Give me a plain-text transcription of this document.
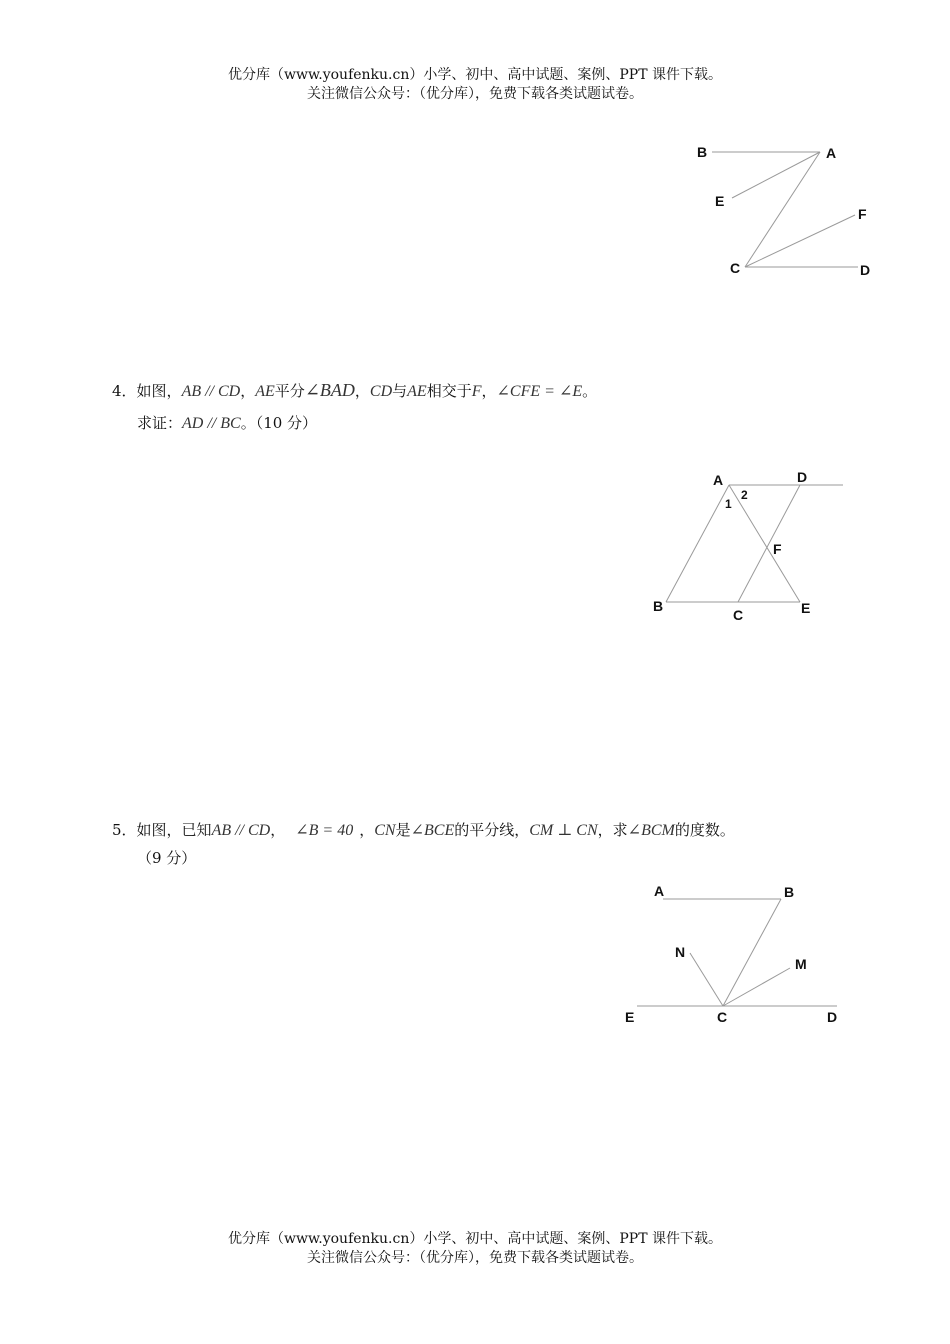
优分库（www.youfenku.cn）小学、初中、高中试题、案例、PPT 课件下载。
关注微信公众号：（优分库），免费下载各类试题试卷。
B	A
E
F
C	D
4．如图，AB // CD，AE平分∠BAD，CD与AE相交于F，∠CFE = ∠E。
求证：AD // BC。（10 分）
A	D
2
1
F
B
C	E
5．如图，已知AB // CD， ∠B = 40 ，CN是∠BCE的平分线，CM ⊥ CN，求∠BCM的度数。
（9 分）
A	B
N
M
E	C	D
优分库（www.youfenku.cn）小学、初中、高中试题、案例、PPT 课件下载。
关注微信公众号：（优分库），免费下载各类试题试卷。
